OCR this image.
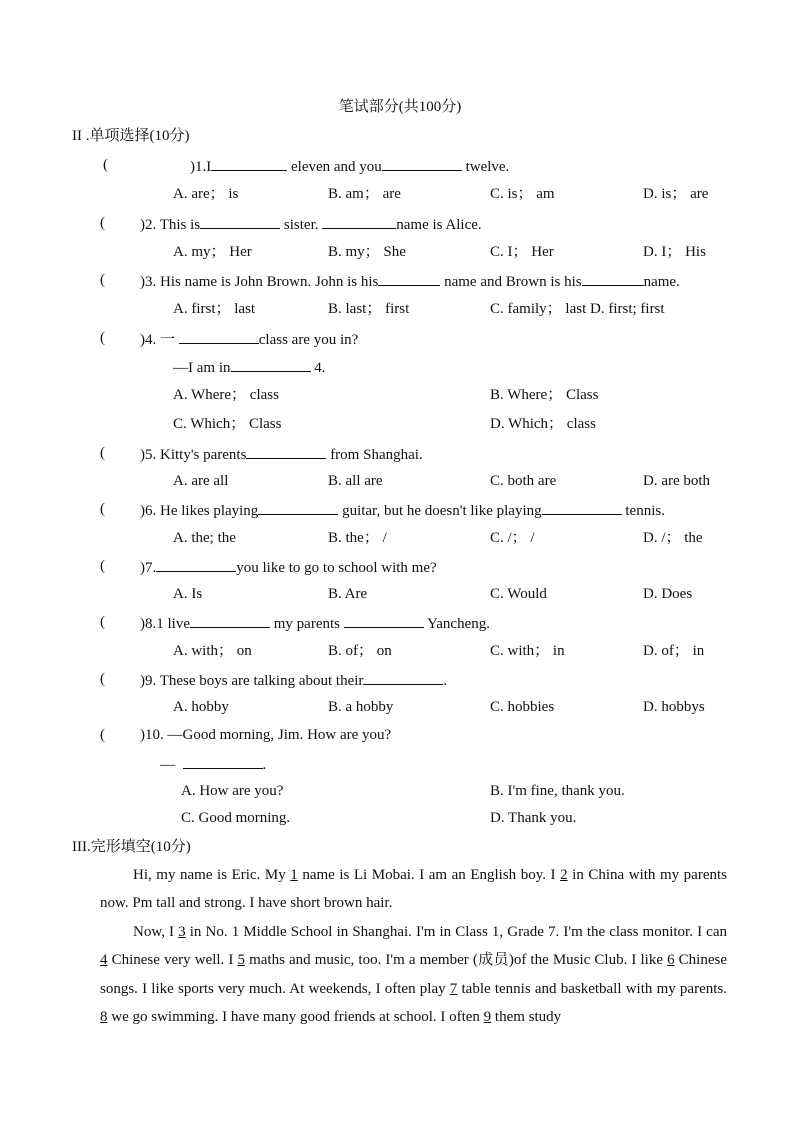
笔试部分(共100分)
II .单项选择(10分)
(	)1.I	eleven and you	twelve.
A. are； is	B. am； are	C. is； am	D. is； are
( )2. This is	sister.	name is Alice.
A. my； Her	B. my； She	C. I； Her	D. I； His
( )3. His name is John Brown. John is his	name and Brown is his	name.
A. first； last	B. last； first	C. family； last D. first; first
( )4. 一	class are you in?
—I am in	4.
A. Where； class	B. Where； Class
C. Which； Class	D. Which； class
( )5. Kitty's parents	from Shanghai.
A. are all	B. all are	C. both are	D. are both
( )6. He likes playing	guitar, but he doesn't like playing	tennis.
A. the; the	B. the； /	C. /； /	D. /； the
( )7.	you like to go to school with me?
A. Is	B. Are	C. Would	D. Does
( )8.1 live	my parents	Yancheng.
A. with； on	B. of； on	C. with； in	D. of； in
( )9. These boys are talking about their	.
A. hobby	B. a hobby	C. hobbies	D. hobbys
( )10. —Good morning, Jim. How are you?
—	.
A. How are you?	B. I'm fine, thank you.
C. Good morning.	D. Thank you.
III.完形填空(10分)
Hi, my name is Eric. My 1 name is Li Mobai. I am an English boy. I 2 in China with my parents now. Pm tall and strong. I have short brown hair.
Now, I 3 in No. 1 Middle School in Shanghai. I'm in Class 1, Grade 7. I'm the class monitor. I can 4 Chinese very well. I 5 maths and music, too. I'm a member (成员)of the Music Club. I like 6 Chinese songs. I like sports very much. At weekends, I often play 7 table tennis and basketball with my parents. 8 we go swimming. I have many good friends at school. I often 9 them study
